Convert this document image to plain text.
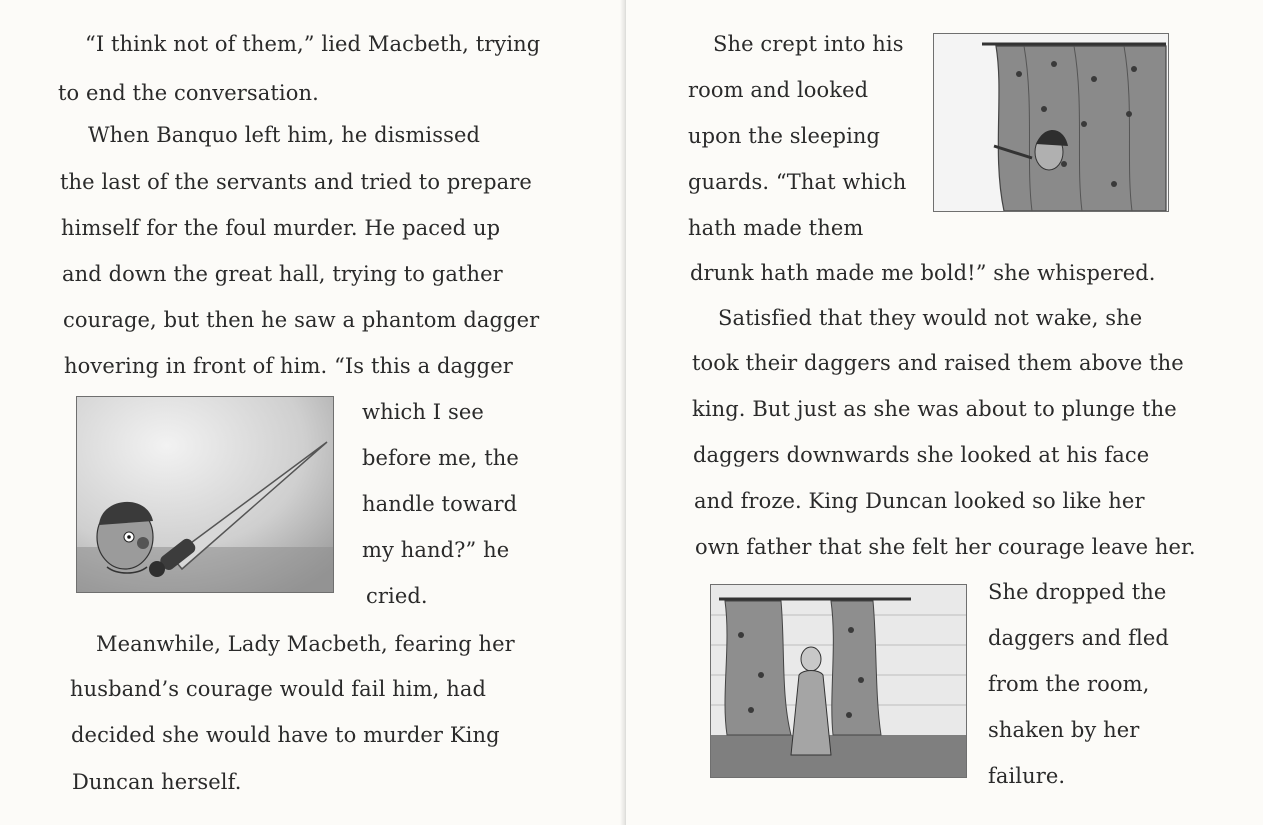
“I think not of them,” lied Macbeth, trying
to end the conversation.
When Banquo left him, he dismissed
the last of the servants and tried to prepare
himself for the foul murder. He paced up
and down the great hall, trying to gather
courage, but then he saw a phantom dagger
hovering in front of him. “Is this a dagger
which I see
before me, the
handle toward
my hand?” he
cried.
Meanwhile, Lady Macbeth, fearing her
husband’s courage would fail him, had
decided she would have to murder King
Duncan herself.
She crept into his
room and looked
upon the sleeping
guards. “That which
hath made them
drunk hath made me bold!” she whispered.
Satisfied that they would not wake, she
took their daggers and raised them above the
king. But just as she was about to plunge the
daggers downwards she looked at his face
and froze. King Duncan looked so like her
own father that she felt her courage leave her.
She dropped the
daggers and fled
from the room,
shaken by her
failure.
